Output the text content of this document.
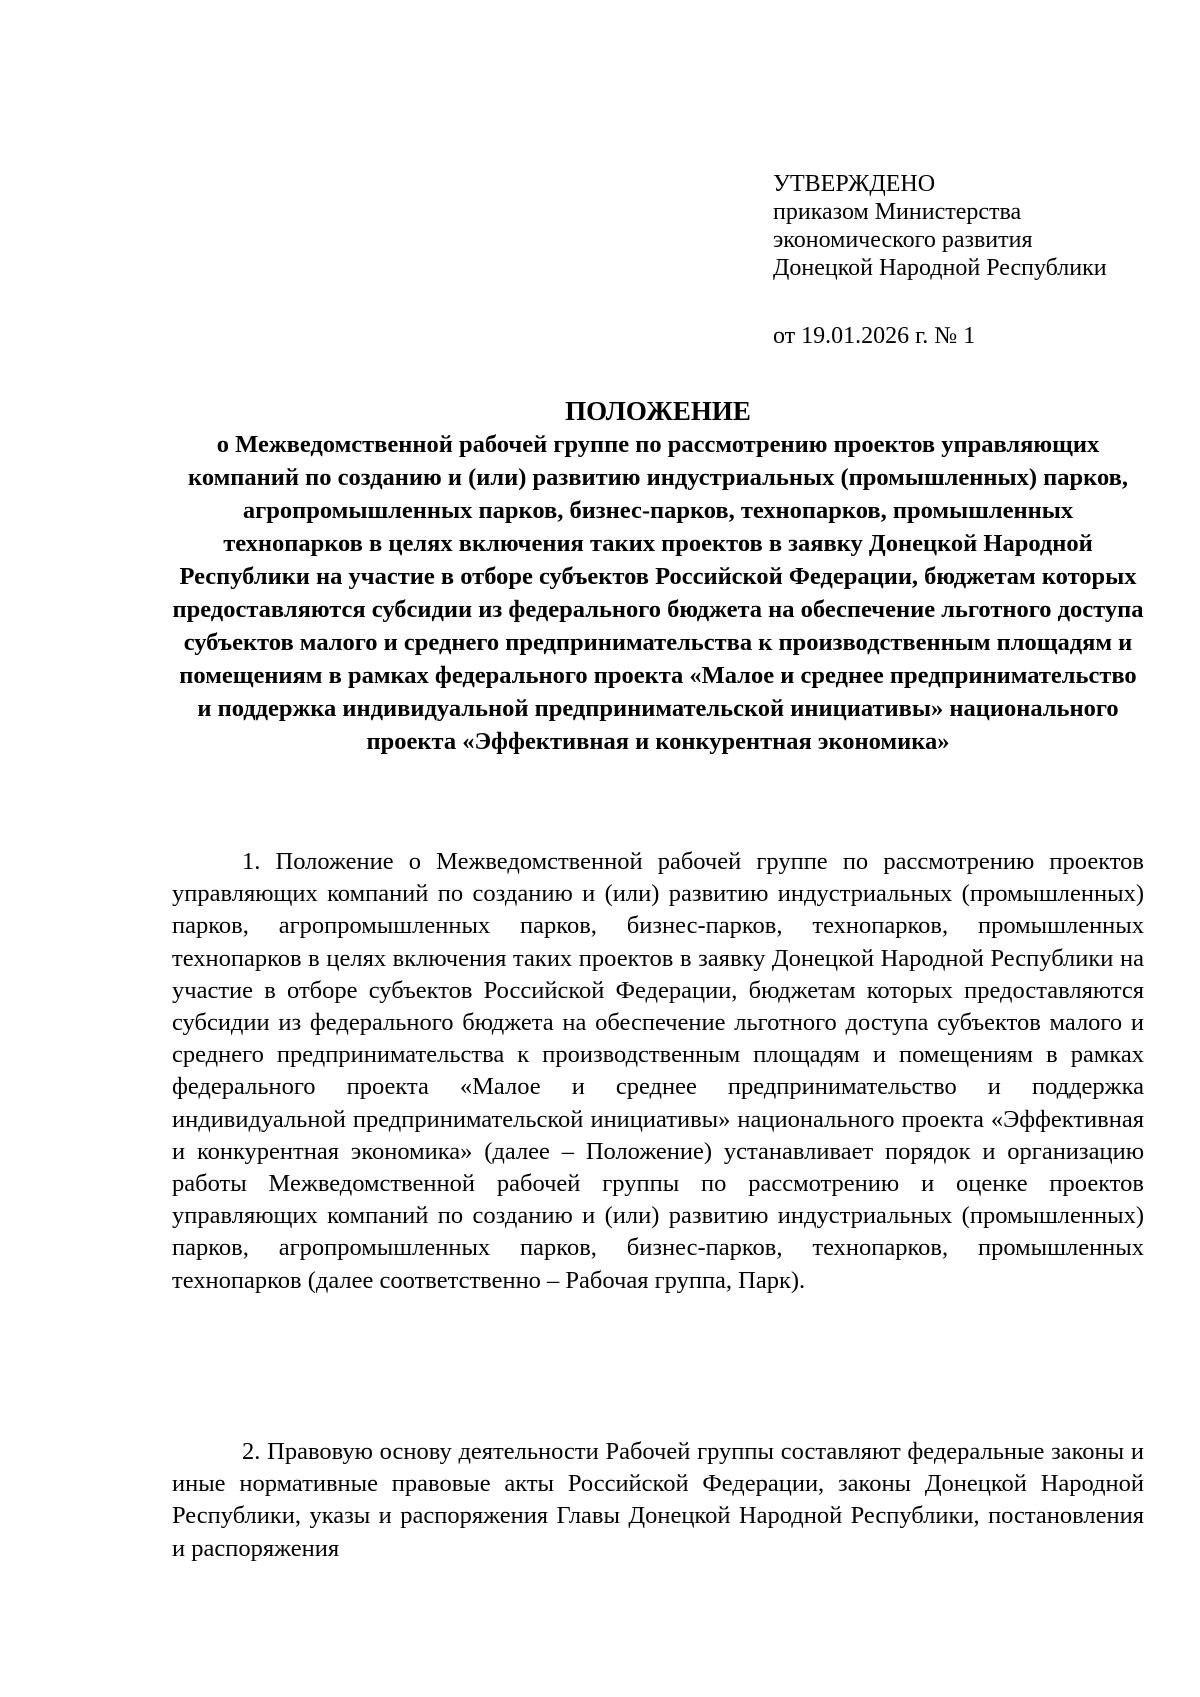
УТВЕРЖДЕНО
приказом Министерства
экономического развития
Донецкой Народной Республики
от 19.01.2026 г. № 1
ПОЛОЖЕНИЕ
о Межведомственной рабочей группе по рассмотрению проектов управляющих компаний по созданию и (или) развитию индустриальных (промышленных) парков, агропромышленных парков, бизнес-парков, технопарков, промышленных технопарков в целях включения таких проектов в заявку Донецкой Народной Республики на участие в отборе субъектов Российской Федерации, бюджетам которых предоставляются субсидии из федерального бюджета на обеспечение льготного доступа субъектов малого и среднего предпринимательства к производственным площадям и помещениям в рамках федерального проекта «Малое и среднее предпринимательство и поддержка индивидуальной предпринимательской инициативы» национального проекта «Эффективная и конкурентная экономика»
1. Положение о Межведомственной рабочей группе по рассмотрению проектов управляющих компаний по созданию и (или) развитию индустриальных (промышленных) парков, агропромышленных парков, бизнес-парков, технопарков, промышленных технопарков в целях включения таких проектов в заявку Донецкой Народной Республики на участие в отборе субъектов Российской Федерации, бюджетам которых предоставляются субсидии из федерального бюджета на обеспечение льготного доступа субъектов малого и среднего предпринимательства к производственным площадям и помещениям в рамках федерального проекта «Малое и среднее предпринимательство и поддержка индивидуальной предпринимательской инициативы» национального проекта «Эффективная и конкурентная экономика» (далее – Положение) устанавливает порядок и организацию работы Межведомственной рабочей группы по рассмотрению и оценке проектов управляющих компаний по созданию и (или) развитию индустриальных (промышленных) парков, агропромышленных парков, бизнес-парков, технопарков, промышленных технопарков (далее соответственно – Рабочая группа, Парк).
2. Правовую основу деятельности Рабочей группы составляют федеральные законы и иные нормативные правовые акты Российской Федерации, законы Донецкой Народной Республики, указы и распоряжения Главы Донецкой Народной Республики, постановления и распоряжения
